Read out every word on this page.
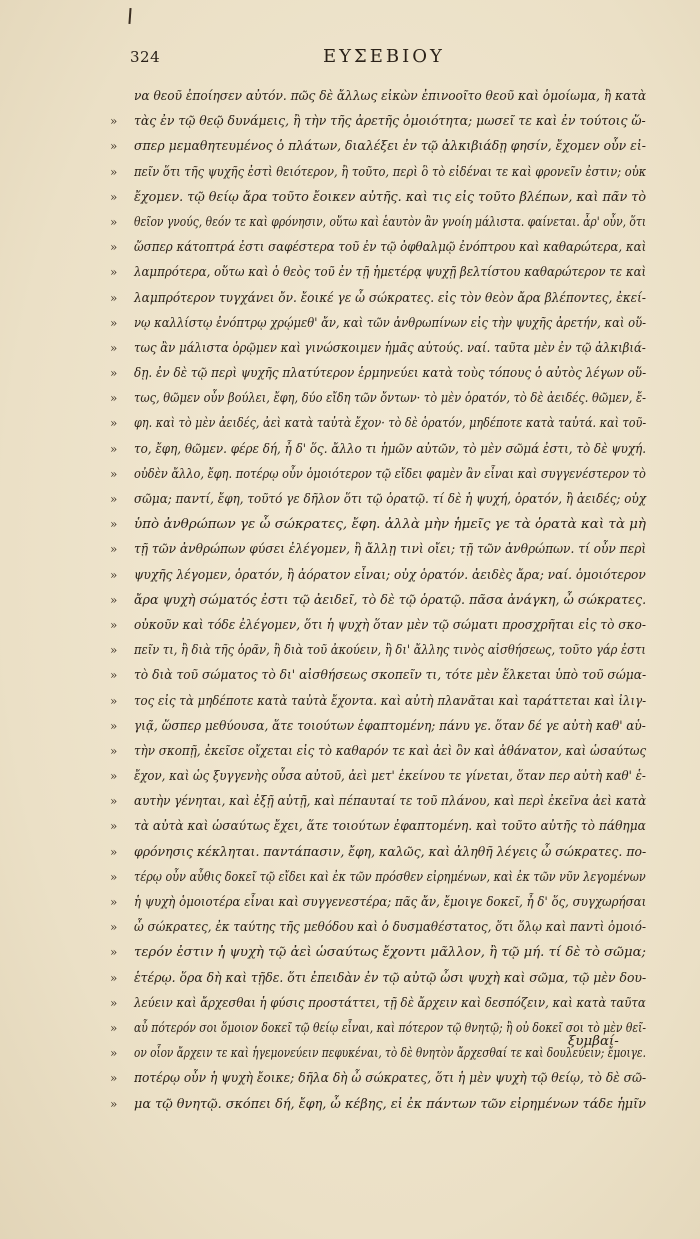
324	ΕΥΣΕΒΙΟΥ
να θεοῦ ἐποίησεν αὐτόν. πῶς δὲ ἄλλως εἰκὼν ἐπινοοῖτο θεοῦ καὶ ὁμοίωμα, ἢ κατὰ
» τὰς ἐν τῷ θεῷ δυνάμεις, ἢ τὴν τῆς ἀρετῆς ὁμοιότητα; μωσεῖ τε καὶ ἐν τούτοις ὥ-
» σπερ μεμαθητευμένος ὁ πλάτων, διαλέξει ἐν τῷ ἀλκιβιάδῃ φησίν, ἔχομεν οὖν εἰ-
» πεῖν ὅτι τῆς ψυχῆς ἐστὶ θειότερον, ἢ τοῦτο, περὶ ὃ τὸ εἰδέναι τε καὶ φρονεῖν ἐστιν; οὐκ
» ἔχομεν. τῷ θείῳ ἄρα τοῦτο ἔοικεν αὐτῆς. καὶ τις εἰς τοῦτο βλέπων, καὶ πᾶν τὸ
» θεῖον γνούς, θεόν τε καὶ φρόνησιν, οὕτω καὶ ἑαυτὸν ἂν γνοίη μάλιστα. φαίνεται. ἆρ' οὖν, ὅτι
» ὥσπερ κάτοπτρά ἐστι σαφέστερα τοῦ ἐν τῷ ὀφθαλμῷ ἐνόπτρου καὶ καθαρώτερα, καὶ
» λαμπρότερα, οὕτω καὶ ὁ θεὸς τοῦ ἐν τῇ ἡμετέρᾳ ψυχῇ βελτίστου καθαρώτερον τε καὶ
» λαμπρότερον τυγχάνει ὄν. ἔοικέ γε ὦ σώκρατες. εἰς τὸν θεὸν ἄρα βλέποντες, ἐκεί-
» νῳ καλλίστῳ ἐνόπτρῳ χρῴμεθ' ἄν, καὶ τῶν ἀνθρωπίνων εἰς τὴν ψυχῆς ἀρετήν, καὶ οὕ-
» τως ἂν μάλιστα ὁρῷμεν καὶ γινώσκοιμεν ἡμᾶς αὐτούς. ναί. ταῦτα μὲν ἐν τῷ ἀλκιβιά-
» δῃ. ἐν δὲ τῷ περὶ ψυχῆς πλατύτερον ἑρμηνεύει κατὰ τοὺς τόπους ὁ αὐτὸς λέγων οὕ-
» τως, θῶμεν οὖν βούλει, ἔφη, δύο εἴδη τῶν ὄντων· τὸ μὲν ὁρατόν, τὸ δὲ ἀειδές. θῶμεν, ἔ-
» φη. καὶ τὸ μὲν ἀειδές, ἀεὶ κατὰ ταὐτὰ ἔχον· τὸ δὲ ὁρατόν, μηδέποτε κατὰ ταὐτά. καὶ τοῦ-
» το, ἔφη, θῶμεν. φέρε δή, ἦ δ' ὅς. ἄλλο τι ἡμῶν αὐτῶν, τὸ μὲν σῶμά ἐστι, τὸ δὲ ψυχή.
» οὐδὲν ἄλλο, ἔφη. ποτέρῳ οὖν ὁμοιότερον τῷ εἴδει φαμὲν ἂν εἶναι καὶ συγγενέστερον τὸ
» σῶμα; παντί, ἔφη, τοῦτό γε δῆλον ὅτι τῷ ὁρατῷ. τί δὲ ἡ ψυχή, ὁρατόν, ἢ ἀειδές; οὐχ
» ὑπὸ ἀνθρώπων γε ὦ σώκρατες, ἔφη. ἀλλὰ μὴν ἡμεῖς γε τὰ ὁρατὰ καὶ τὰ μὴ
» τῇ τῶν ἀνθρώπων φύσει ἐλέγομεν, ἢ ἄλλῃ τινὶ οἴει; τῇ τῶν ἀνθρώπων. τί οὖν περὶ
» ψυχῆς λέγομεν, ὁρατόν, ἢ ἀόρατον εἶναι; οὐχ ὁρατόν. ἀειδὲς ἄρα; ναί. ὁμοιότερον
» ἄρα ψυχὴ σώματός ἐστι τῷ ἀειδεῖ, τὸ δὲ τῷ ὁρατῷ. πᾶσα ἀνάγκη, ὦ σώκρατες.
» οὐκοῦν καὶ τόδε ἐλέγομεν, ὅτι ἡ ψυχὴ ὅταν μὲν τῷ σώματι προσχρῆται εἰς τὸ σκο-
» πεῖν τι, ἢ διὰ τῆς ὁρᾶν, ἢ διὰ τοῦ ἀκούειν, ἢ δι' ἄλλης τινὸς αἰσθήσεως, τοῦτο γάρ ἐστι
» τὸ διὰ τοῦ σώματος τὸ δι' αἰσθήσεως σκοπεῖν τι, τότε μὲν ἕλκεται ὑπὸ τοῦ σώμα-
» τος εἰς τὰ μηδέποτε κατὰ ταὐτὰ ἔχοντα. καὶ αὐτὴ πλανᾶται καὶ ταράττεται καὶ ἰλιγ-
» γιᾷ, ὥσπερ μεθύουσα, ἅτε τοιούτων ἐφαπτομένη; πάνυ γε. ὅταν δέ γε αὐτὴ καθ' αὑ-
» τὴν σκοπῇ, ἐκεῖσε οἴχεται εἰς τὸ καθαρόν τε καὶ ἀεὶ ὂν καὶ ἀθάνατον, καὶ ὡσαύτως
» ἔχον, καὶ ὡς ξυγγενὴς οὖσα αὐτοῦ, ἀεὶ μετ' ἐκείνου τε γίνεται, ὅταν περ αὐτὴ καθ' ἑ-
» αυτὴν γένηται, καὶ ἐξῇ αὐτῇ, καὶ πέπαυταί τε τοῦ πλάνου, καὶ περὶ ἐκεῖνα ἀεὶ κατὰ
» τὰ αὐτὰ καὶ ὡσαύτως ἔχει, ἅτε τοιούτων ἐφαπτομένη. καὶ τοῦτο αὐτῆς τὸ πάθημα
» φρόνησις κέκληται. παντάπασιν, ἔφη, καλῶς, καὶ ἀληθῆ λέγεις ὦ σώκρατες. πο-
» τέρῳ οὖν αὖθις δοκεῖ τῷ εἴδει καὶ ἐκ τῶν πρόσθεν εἰρημένων, καὶ ἐκ τῶν νῦν λεγομένων
» ἡ ψυχὴ ὁμοιοτέρα εἶναι καὶ συγγενεστέρα; πᾶς ἄν, ἔμοιγε δοκεῖ, ἦ δ' ὅς, συγχωρήσαι
» ὦ σώκρατες, ἐκ ταύτης τῆς μεθόδου καὶ ὁ δυσμαθέστατος, ὅτι ὅλῳ καὶ παντὶ ὁμοιό-
» τερόν ἐστιν ἡ ψυχὴ τῷ ἀεὶ ὡσαύτως ἔχοντι μᾶλλον, ἢ τῷ μή. τί δὲ τὸ σῶμα;
» ἑτέρῳ. ὅρα δὴ καὶ τῇδε. ὅτι ἐπειδὰν ἐν τῷ αὐτῷ ὦσι ψυχὴ καὶ σῶμα, τῷ μὲν δου-
» λεύειν καὶ ἄρχεσθαι ἡ φύσις προστάττει, τῇ δὲ ἄρχειν καὶ δεσπόζειν, καὶ κατὰ ταῦτα
» αὖ πότερόν σοι ὅμοιον δοκεῖ τῷ θείῳ εἶναι, καὶ πότερον τῷ θνητῷ; ἢ οὐ δοκεῖ σοι τὸ μὲν θεῖ-
» ον οἷον ἄρχειν τε καὶ ἡγεμονεύειν πεφυκέναι, τὸ δὲ θνητὸν ἄρχεσθαί τε καὶ δουλεύειν; ἔμοιγε.
» ποτέρῳ οὖν ἡ ψυχὴ ἔοικε; δῆλα δὴ ὦ σώκρατες, ὅτι ἡ μὲν ψυχὴ τῷ θείῳ, τὸ δὲ σῶ-
» μα τῷ θνητῷ. σκόπει δή, ἔφη, ὦ κέβης, εἰ ἐκ πάντων τῶν εἰρημένων τάδε ἡμῖν
ξυμβαί-
